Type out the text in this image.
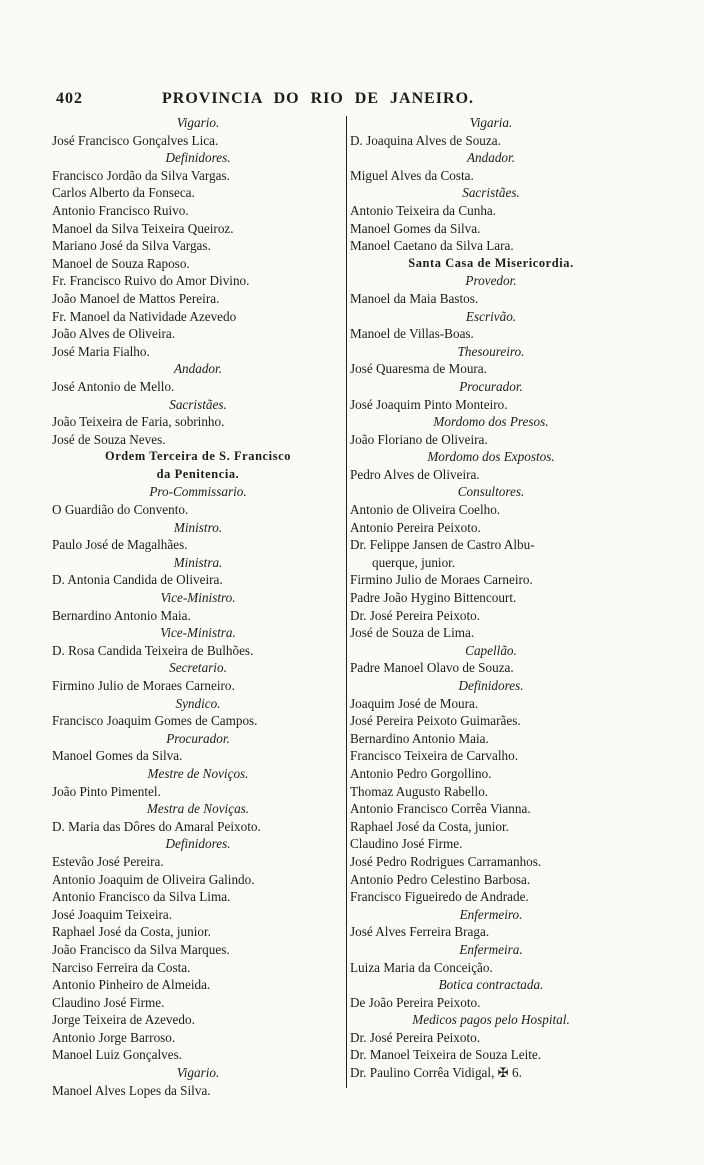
402	PROVINCIA DO RIO DE JANEIRO.
Vigario.
José Francisco Gonçalves Lica.
Definidores.
Francisco Jordão da Silva Vargas.
Carlos Alberto da Fonseca.
Antonio Francisco Ruivo.
Manoel da Silva Teixeira Queiroz.
Mariano José da Silva Vargas.
Manoel de Souza Raposo.
Fr. Francisco Ruivo do Amor Divino.
João Manoel de Mattos Pereira.
Fr. Manoel da Natividade Azevedo
João Alves de Oliveira.
José Maria Fialho.
Andador.
José Antonio de Mello.
Sacristães.
João Teixeira de Faria, sobrinho.
José de Souza Neves.
Ordem Terceira de S. Francisco
da Penitencia.
Pro-Commissario.
O Guardião do Convento.
Ministro.
Paulo José de Magalhães.
Ministra.
D. Antonia Candida de Oliveira.
Vice-Ministro.
Bernardino Antonio Maia.
Vice-Ministra.
D. Rosa Candida Teixeira de Bulhões.
Secretario.
Firmino Julio de Moraes Carneiro.
Syndico.
Francisco Joaquim Gomes de Campos.
Procurador.
Manoel Gomes da Silva.
Mestre de Noviços.
João Pinto Pimentel.
Mestra de Noviças.
D. Maria das Dôres do Amaral Peixoto.
Definidores.
Estevão José Pereira.
Antonio Joaquim de Oliveira Galindo.
Antonio Francisco da Silva Lima.
José Joaquim Teixeira.
Raphael José da Costa, junior.
João Francisco da Silva Marques.
Narciso Ferreira da Costa.
Antonio Pinheiro de Almeida.
Claudino José Firme.
Jorge Teixeira de Azevedo.
Antonio Jorge Barroso.
Manoel Luiz Gonçalves.
Vigario.
Manoel Alves Lopes da Silva.
Vigaria.
D. Joaquina Alves de Souza.
Andador.
Miguel Alves da Costa.
Sacristães.
Antonio Teixeira da Cunha.
Manoel Gomes da Silva.
Manoel Caetano da Silva Lara.
Santa Casa de Misericordia.
Provedor.
Manoel da Maia Bastos.
Escrivão.
Manoel de Villas-Boas.
Thesoureiro.
José Quaresma de Moura.
Procurador.
José Joaquim Pinto Monteiro.
Mordomo dos Presos.
João Floriano de Oliveira.
Mordomo dos Expostos.
Pedro Alves de Oliveira.
Consultores.
Antonio de Oliveira Coelho.
Antonio Pereira Peixoto.
Dr. Felippe Jansen de Castro Albu-
querque, junior.
Firmino Julio de Moraes Carneiro.
Padre João Hygino Bittencourt.
Dr. José Pereira Peixoto.
José de Souza de Lima.
Capellão.
Padre Manoel Olavo de Souza.
Definidores.
Joaquim José de Moura.
José Pereira Peixoto Guimarães.
Bernardino Antonio Maia.
Francisco Teixeira de Carvalho.
Antonio Pedro Gorgollino.
Thomaz Augusto Rabello.
Antonio Francisco Corrêa Vianna.
Raphael José da Costa, junior.
Claudino José Firme.
José Pedro Rodrigues Carramanhos.
Antonio Pedro Celestino Barbosa.
Francisco Figueiredo de Andrade.
Enfermeiro.
José Alves Ferreira Braga.
Enfermeira.
Luiza Maria da Conceição.
Botica contractada.
De João Pereira Peixoto.
Medicos pagos pelo Hospital.
Dr. José Pereira Peixoto.
Dr. Manoel Teixeira de Souza Leite.
Dr. Paulino Corrêa Vidigal, ✠ 6.
